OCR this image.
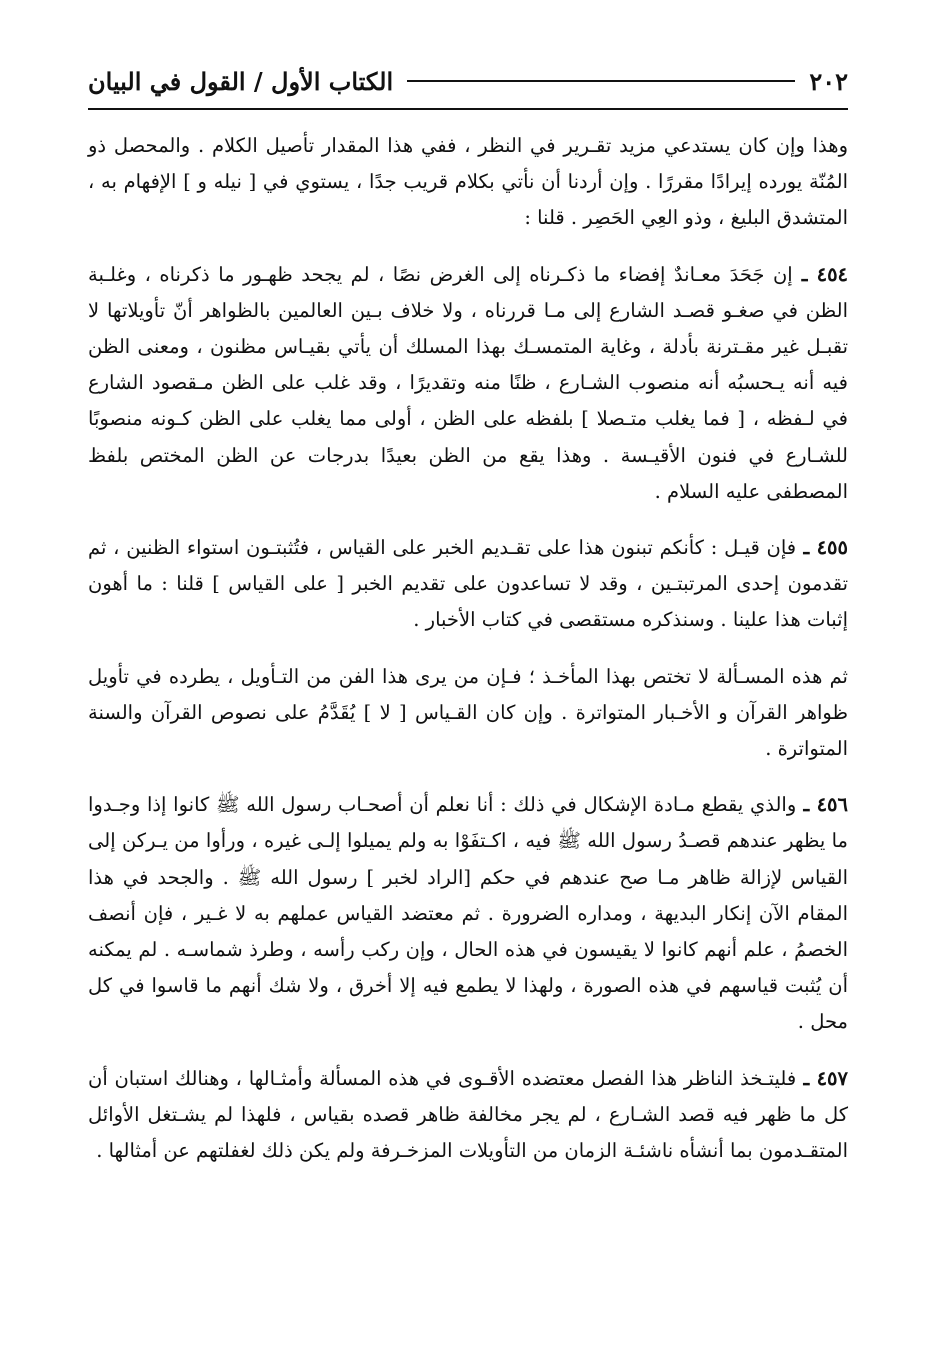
٢٠٢
الكتاب الأول / القول في البيان

وهذا وإن كان يستدعي مزيد تقـرير في النظر ، ففي هذا المقدار تأصيل الكلام . والمحصل ذو المُنّة يورده إيرادًا مقررًا . وإن أردنا أن نأتي بكلام قريب جدًا ، يستوي في [ نيله و ] الإفهام به ، المتشدق البليغ ، وذو العِي الحَصِر . قلنا :

٤٥٤ ـ إن جَحَدَ معـاندٌ إفضاء ما ذكـرناه إلى الغرض نصًا ، لم يجحد ظهـور ما ذكرناه ، وغلـبة الظن في صغـو قصـد الشارع إلى مـا قررناه ، ولا خلاف بـين العالمين بالظواهر أنّ تأويلاتها لا تقبـل غير مقـترنة بأدلة ، وغاية المتمسـك بهذا المسلك أن يأتي بقيـاس مظنون ، ومعنى الظن فيه أنه يـحسبُه أنه منصوب الشـارع ، ظنًا منه وتقديرًا ، وقد غلب على الظن مـقصود الشارع في لـفظه ، [ فما يغلب متـصلا ] بلفظه على الظن ، أولى مما يغلب على الظن كـونه منصوبًا للشـارع في فنون الأقيـسة . وهذا يقع من الظن بعيدًا بدرجات عن الظن المختص بلفظ المصطفى عليه السلام .

٤٥٥ ـ فإن قيـل : كأنكم تبنون هذا على تقـديم الخبر على القياس ، فتُثبتـون استواء الظنين ، ثم تقدمون إحدى المرتبتـين ، وقد لا تساعدون على تقديم الخبر [ على القياس ] قلنا : ما أهون إثبات هذا علينا . وسنذكره مستقصى في كتاب الأخبار .

ثم هذه المسـألة لا تختص بهذا المأخـذ ؛ فـإن من يرى هذا الفن من التـأويل ، يطرده في تأويل ظواهر القرآن و الأخـبار المتواترة . وإن كان القـياس [ لا ] يُقَدَّمُ على نصوص القرآن والسنة المتواترة .

٤٥٦ ـ والذي يقطع مـادة الإشكال في ذلك : أنا نعلم أن أصحـاب رسول الله ﷺ كانوا إذا وجـدوا ما يظهر عندهم قصـدُ رسول الله ﷺ فيه ، اكـتفَوْا به ولم يميلوا إلـى غيره ، ورأوا من يـركن إلى القياس لإزالة ظاهر مـا صح عندهم في حكم [الراد لخبر ] رسول الله ﷺ . والجحد في هذا المقام الآن إنكار البديهة ، ومداره الضرورة . ثم معتضد القياس عملهم به لا غـير ، فإن أنصف الخصمُ ، علم أنهم كانوا لا يقيسون في هذه الحال ، وإن ركب رأسه ، وطرذ شماسـه . لم يمكنه أن يُثبت قياسهم في هذه الصورة ، ولهذا لا يطمع فيه إلا أخرق ، ولا شك أنهم ما قاسوا في كل محل .

٤٥٧ ـ فليتـخذ الناظر هذا الفصل معتضده الأقـوى في هذه المسألة وأمثـالها ، وهنالك استبان أن كل ما ظهر فيه قصد الشـارع ، لم يجر مخالفة ظاهر قصده بقياس ، فلهذا لم يشـتغل الأوائل المتقـدمون بما أنشأه ناشئـة الزمان من التأويلات المزخـرفة ولم يكن ذلك لغفلتهم عن أمثالها .
